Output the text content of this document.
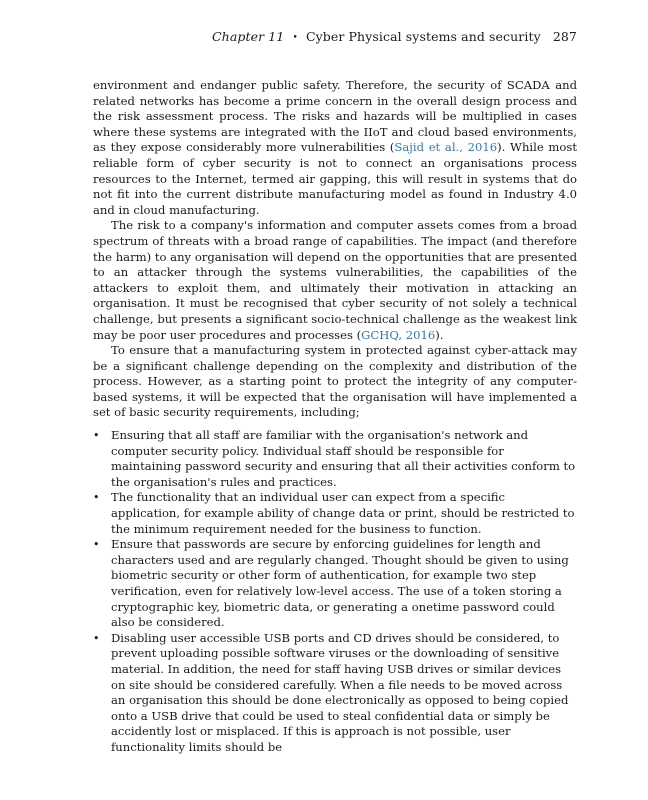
Chapter 11 • Cyber Physical systems and security 287

environment and endanger public safety. Therefore, the security of SCADA and related networks has become a prime concern in the overall design process and the risk assessment process. The risks and hazards will be multiplied in cases where these systems are integrated with the IIoT and cloud based environments, as they expose considerably more vulnerabilities (Sajid et al., 2016). While most reliable form of cyber security is not to connect an organisations process resources to the Internet, termed air gapping, this will result in systems that do not fit into the current distribute manufacturing model as found in Industry 4.0 and in cloud manufacturing.

The risk to a company's information and computer assets comes from a broad spectrum of threats with a broad range of capabilities. The impact (and therefore the harm) to any organisation will depend on the opportunities that are presented to an attacker through the systems vulnerabilities, the capabilities of the attackers to exploit them, and ultimately their motivation in attacking an organisation. It must be recognised that cyber security of not solely a technical challenge, but presents a significant socio-technical challenge as the weakest link may be poor user procedures and processes (GCHQ, 2016).

To ensure that a manufacturing system in protected against cyber-attack may be a significant challenge depending on the complexity and distribution of the process. However, as a starting point to protect the integrity of any computer-based systems, it will be expected that the organisation will have implemented a set of basic security requirements, including;

• Ensuring that all staff are familiar with the organisation's network and computer security policy. Individual staff should be responsible for maintaining password security and ensuring that all their activities conform to the organisation's rules and practices.
• The functionality that an individual user can expect from a specific application, for example ability of change data or print, should be restricted to the minimum requirement needed for the business to function.
• Ensure that passwords are secure by enforcing guidelines for length and characters used and are regularly changed. Thought should be given to using biometric security or other form of authentication, for example two step verification, even for relatively low-level access. The use of a token storing a cryptographic key, biometric data, or generating a onetime password could also be considered.
• Disabling user accessible USB ports and CD drives should be considered, to prevent uploading possible software viruses or the downloading of sensitive material. In addition, the need for staff having USB drives or similar devices on site should be considered carefully. When a file needs to be moved across an organisation this should be done electronically as opposed to being copied onto a USB drive that could be used to steal confidential data or simply be accidently lost or misplaced. If this is approach is not possible, user functionality limits should be
